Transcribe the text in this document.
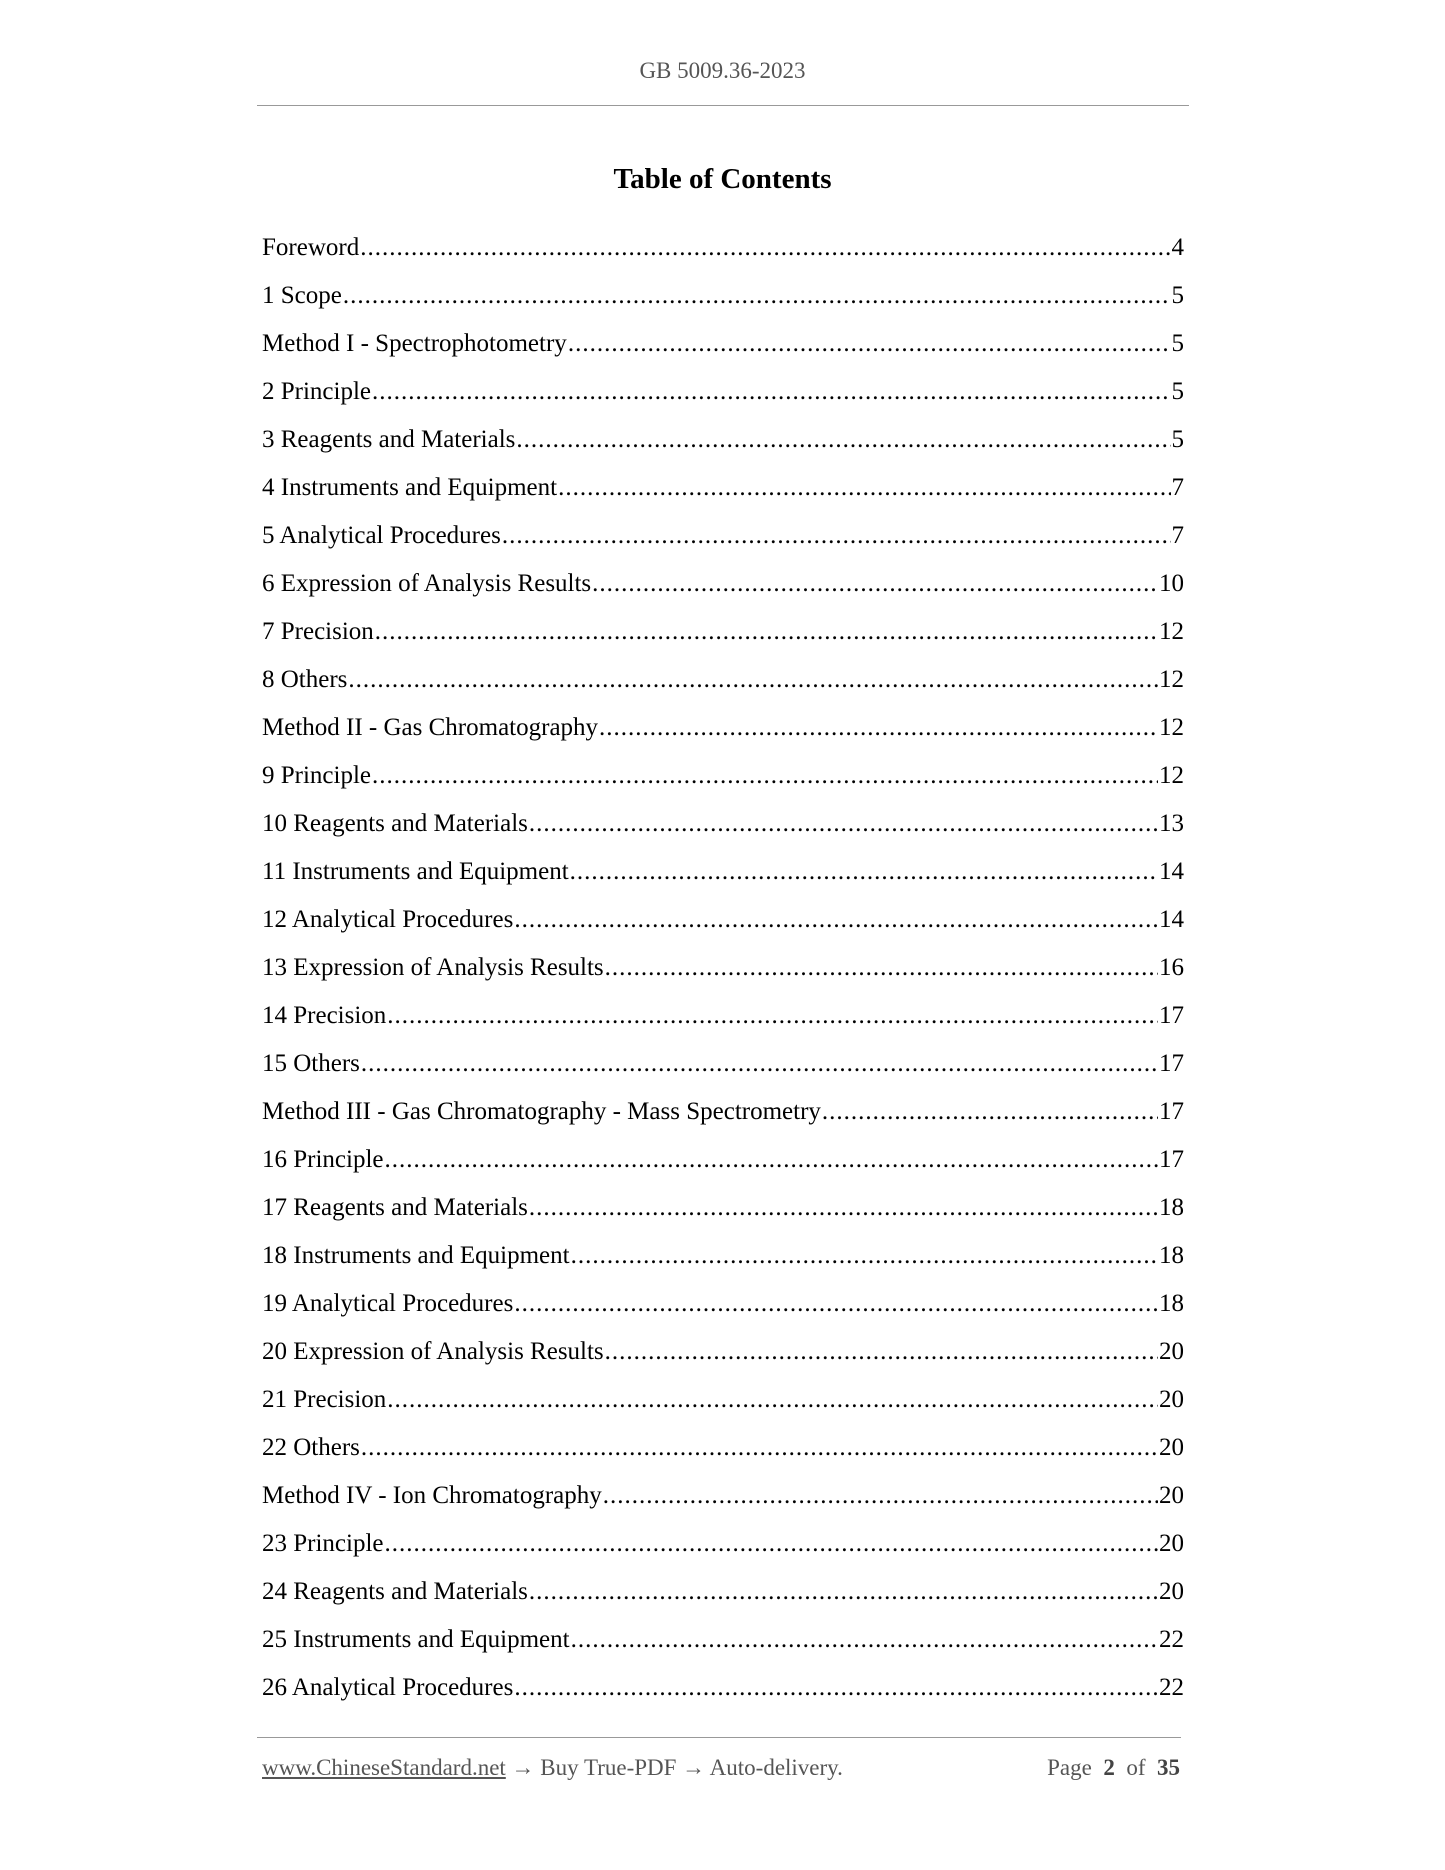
GB 5009.36-2023
Table of Contents
Foreword .....	4
1 Scope .....	5
Method I - Spectrophotometry .....	5
2 Principle .....	5
3 Reagents and Materials .....	5
4 Instruments and Equipment .....	7
5 Analytical Procedures .....	7
6 Expression of Analysis Results .....	10
7 Precision .....	12
8 Others .....	12
Method II - Gas Chromatography .....	12
9 Principle .....	12
10 Reagents and Materials .....	13
11 Instruments and Equipment .....	14
12 Analytical Procedures .....	14
13 Expression of Analysis Results .....	16
14 Precision .....	17
15 Others .....	17
Method III - Gas Chromatography - Mass Spectrometry .....	17
16 Principle .....	17
17 Reagents and Materials .....	18
18 Instruments and Equipment .....	18
19 Analytical Procedures .....	18
20 Expression of Analysis Results .....	20
21 Precision .....	20
22 Others .....	20
Method IV - Ion Chromatography .....	20
23 Principle .....	20
24 Reagents and Materials .....	20
25 Instruments and Equipment .....	22
26 Analytical Procedures .....	22
www.ChineseStandard.net → Buy True-PDF → Auto-delivery.	Page 2 of 35
